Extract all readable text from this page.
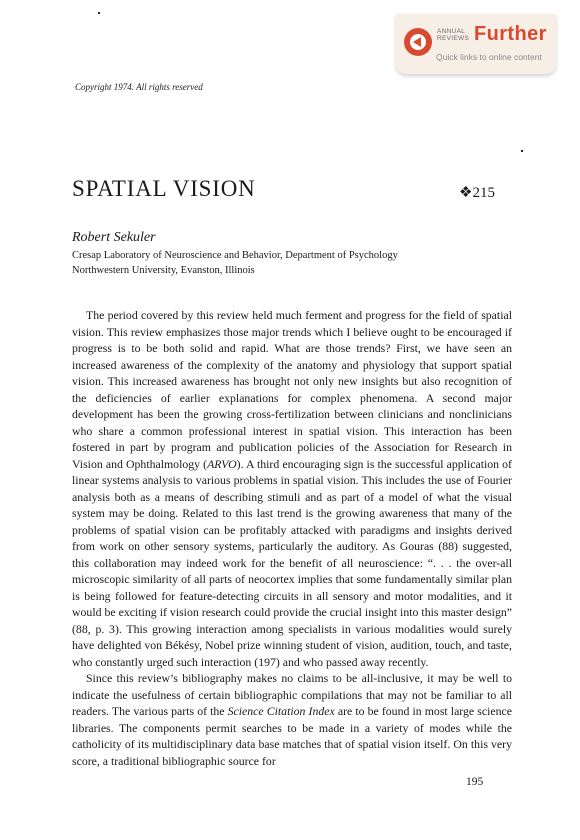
ANNUAL REVIEWS Further
Quick links to online content
Copyright 1974. All rights reserved
SPATIAL VISION	❖215
Robert Sekuler
Cresap Laboratory of Neuroscience and Behavior, Department of Psychology
Northwestern University, Evanston, Illinois

The period covered by this review held much ferment and progress for the field of spatial vision. This review emphasizes those major trends which I believe ought to be encouraged if progress is to be both solid and rapid. What are those trends? First, we have seen an increased awareness of the complexity of the anatomy and physiology that support spatial vision. This increased awareness has brought not only new insights but also recognition of the deficiencies of earlier explanations for complex phenomena. A second major development has been the growing cross-fertilization between clinicians and nonclinicians who share a common professional interest in spatial vision. This interaction has been fostered in part by program and publication policies of the Association for Research in Vision and Ophthalmology (ARVO). A third encouraging sign is the successful application of linear systems analysis to various problems in spatial vision. This includes the use of Fourier analysis both as a means of describing stimuli and as part of a model of what the visual system may be doing. Related to this last trend is the growing awareness that many of the problems of spatial vision can be profitably attacked with paradigms and insights derived from work on other sensory systems, particularly the auditory. As Gouras (88) suggested, this collaboration may indeed work for the benefit of all neuroscience: “. . . the over-all microscopic similarity of all parts of neocortex implies that some fundamentally similar plan is being followed for feature-detecting circuits in all sensory and motor modalities, and it would be exciting if vision research could provide the crucial insight into this master design” (88, p. 3). This growing interaction among specialists in various modalities would surely have delighted von Békésy, Nobel prize winning student of vision, audition, touch, and taste, who constantly urged such interaction (197) and who passed away recently.

Since this review’s bibliography makes no claims to be all-inclusive, it may be well to indicate the usefulness of certain bibliographic compilations that may not be familiar to all readers. The various parts of the Science Citation Index are to be found in most large science libraries. The components permit searches to be made in a variety of modes while the catholicity of its multidisciplinary data base matches that of spatial vision itself. On this very score, a traditional bibliographic source for

195
